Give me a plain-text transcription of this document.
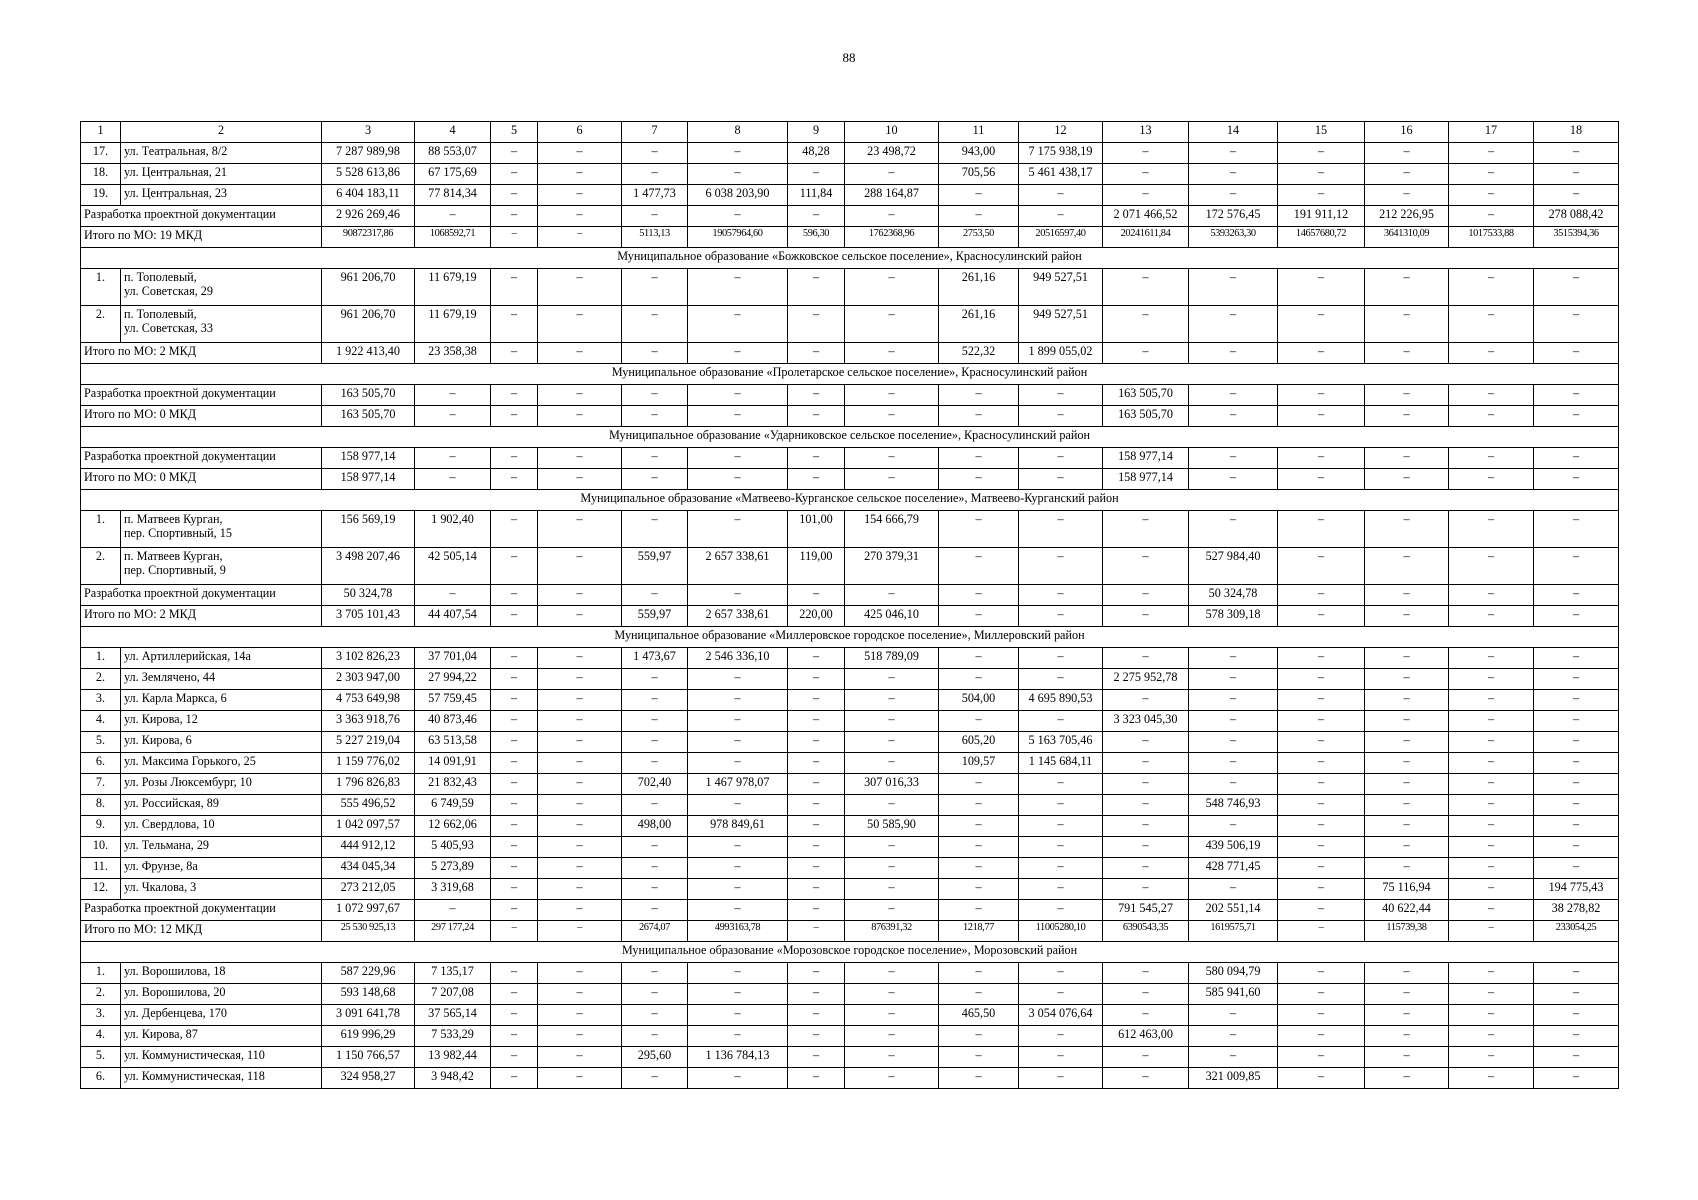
88
1	2	3	4	5	6	7	8	9	10	11	12	13	14	15	16	17	18
17.	ул. Театральная, 8/2	7 287 989,98	88 553,07	–	–	–	–	48,28	23 498,72	943,00	7 175 938,19	–	–	–	–	–	–
18.	ул. Центральная, 21	5 528 613,86	67 175,69	–	–	–	–	–	–	705,56	5 461 438,17	–	–	–	–	–	–
19.	ул. Центральная, 23	6 404 183,11	77 814,34	–	–	1 477,73	6 038 203,90	111,84	288 164,87	–	–	–	–	–	–	–	–
Разработка проектной документации		2 926 269,46	–	–	–	–	–	–	–	–	–	2 071 466,52	172 576,45	191 911,12	212 226,95	–	278 088,42
Итого по МО: 19 МКД		90872317,86	1068592,71	–	–	5113,13	19057964,60	596,30	1762368,96	2753,50	20516597,40	20241611,84	5393263,30	14657680,72	3641310,09	1017533,88	3515394,36
Муниципальное образование «Божковское сельское поселение», Красносулинский район																	
1.	п. Тополевый,
ул. Советская, 29	961 206,70	11 679,19	–	–	–	–	–	–	261,16	949 527,51	–	–	–	–	–	–
2.	п. Тополевый,
ул. Советская, 33	961 206,70	11 679,19	–	–	–	–	–	–	261,16	949 527,51	–	–	–	–	–	–
Итого по МО: 2 МКД		1 922 413,40	23 358,38	–	–	–	–	–	–	522,32	1 899 055,02	–	–	–	–	–	–
Муниципальное образование «Пролетарское сельское поселение», Красносулинский район																	
Разработка проектной документации		163 505,70	–	–	–	–	–	–	–	–	–	163 505,70	–	–	–	–	–
Итого по МО: 0 МКД		163 505,70	–	–	–	–	–	–	–	–	–	163 505,70	–	–	–	–	–
Муниципальное образование «Ударниковское сельское поселение», Красносулинский район																	
Разработка проектной документации		158 977,14	–	–	–	–	–	–	–	–	–	158 977,14	–	–	–	–	–
Итого по МО: 0 МКД		158 977,14	–	–	–	–	–	–	–	–	–	158 977,14	–	–	–	–	–
Муниципальное образование «Матвеево-Курганское сельское поселение», Матвеево-Курганский район																	
1.	п. Матвеев Курган,
пер. Спортивный, 15	156 569,19	1 902,40	–	–	–	–	101,00	154 666,79	–	–	–	–	–	–	–	–
2.	п. Матвеев Курган,
пер. Спортивный, 9	3 498 207,46	42 505,14	–	–	559,97	2 657 338,61	119,00	270 379,31	–	–	–	527 984,40	–	–	–	–
Разработка проектной документации		50 324,78	–	–	–	–	–	–	–	–	–	–	50 324,78	–	–	–	–
Итого по МО: 2 МКД		3 705 101,43	44 407,54	–	–	559,97	2 657 338,61	220,00	425 046,10	–	–	–	578 309,18	–	–	–	–
Муниципальное образование «Миллеровское городское поселение», Миллеровский район																	
1.	ул. Артиллерийская, 14а	3 102 826,23	37 701,04	–	–	1 473,67	2 546 336,10	–	518 789,09	–	–	–	–	–	–	–	–
2.	ул. Землячено, 44	2 303 947,00	27 994,22	–	–	–	–	–	–	–	–	2 275 952,78	–	–	–	–	–
3.	ул. Карла Маркса, 6	4 753 649,98	57 759,45	–	–	–	–	–	–	504,00	4 695 890,53	–	–	–	–	–	–
4.	ул. Кирова, 12	3 363 918,76	40 873,46	–	–	–	–	–	–	–	–	3 323 045,30	–	–	–	–	–
5.	ул. Кирова, 6	5 227 219,04	63 513,58	–	–	–	–	–	–	605,20	5 163 705,46	–	–	–	–	–	–
6.	ул. Максима Горького, 25	1 159 776,02	14 091,91	–	–	–	–	–	–	109,57	1 145 684,11	–	–	–	–	–	–
7.	ул. Розы Люксембург, 10	1 796 826,83	21 832,43	–	–	702,40	1 467 978,07	–	307 016,33	–	–	–	–	–	–	–	–
8.	ул. Российская, 89	555 496,52	6 749,59	–	–	–	–	–	–	–	–	–	548 746,93	–	–	–	–
9.	ул. Свердлова, 10	1 042 097,57	12 662,06	–	–	498,00	978 849,61	–	50 585,90	–	–	–	–	–	–	–	–
10.	ул. Тельмана, 29	444 912,12	5 405,93	–	–	–	–	–	–	–	–	–	439 506,19	–	–	–	–
11.	ул. Фрунзе, 8а	434 045,34	5 273,89	–	–	–	–	–	–	–	–	–	428 771,45	–	–	–	–
12.	ул. Чкалова, 3	273 212,05	3 319,68	–	–	–	–	–	–	–	–	–	–	–	75 116,94	–	194 775,43
Разработка проектной документации		1 072 997,67	–	–	–	–	–	–	–	–	–	791 545,27	202 551,14	–	40 622,44	–	38 278,82
Итого по МО: 12 МКД		25 530 925,13	297 177,24	–	–	2674,07	4993163,78	–	876391,32	1218,77	11005280,10	6390543,35	1619575,71	–	115739,38	–	233054,25
Муниципальное образование «Морозовское городское поселение», Морозовский район																	
1.	ул. Ворошилова, 18	587 229,96	7 135,17	–	–	–	–	–	–	–	–	–	580 094,79	–	–	–	–
2.	ул. Ворошилова, 20	593 148,68	7 207,08	–	–	–	–	–	–	–	–	–	585 941,60	–	–	–	–
3.	ул. Дербенцева, 170	3 091 641,78	37 565,14	–	–	–	–	–	–	465,50	3 054 076,64	–	–	–	–	–	–
4.	ул. Кирова, 87	619 996,29	7 533,29	–	–	–	–	–	–	–	–	612 463,00	–	–	–	–	–
5.	ул. Коммунистическая, 110	1 150 766,57	13 982,44	–	–	295,60	1 136 784,13	–	–	–	–	–	–	–	–	–	–
6.	ул. Коммунистическая, 118	324 958,27	3 948,42	–	–	–	–	–	–	–	–	–	321 009,85	–	–	–	–
